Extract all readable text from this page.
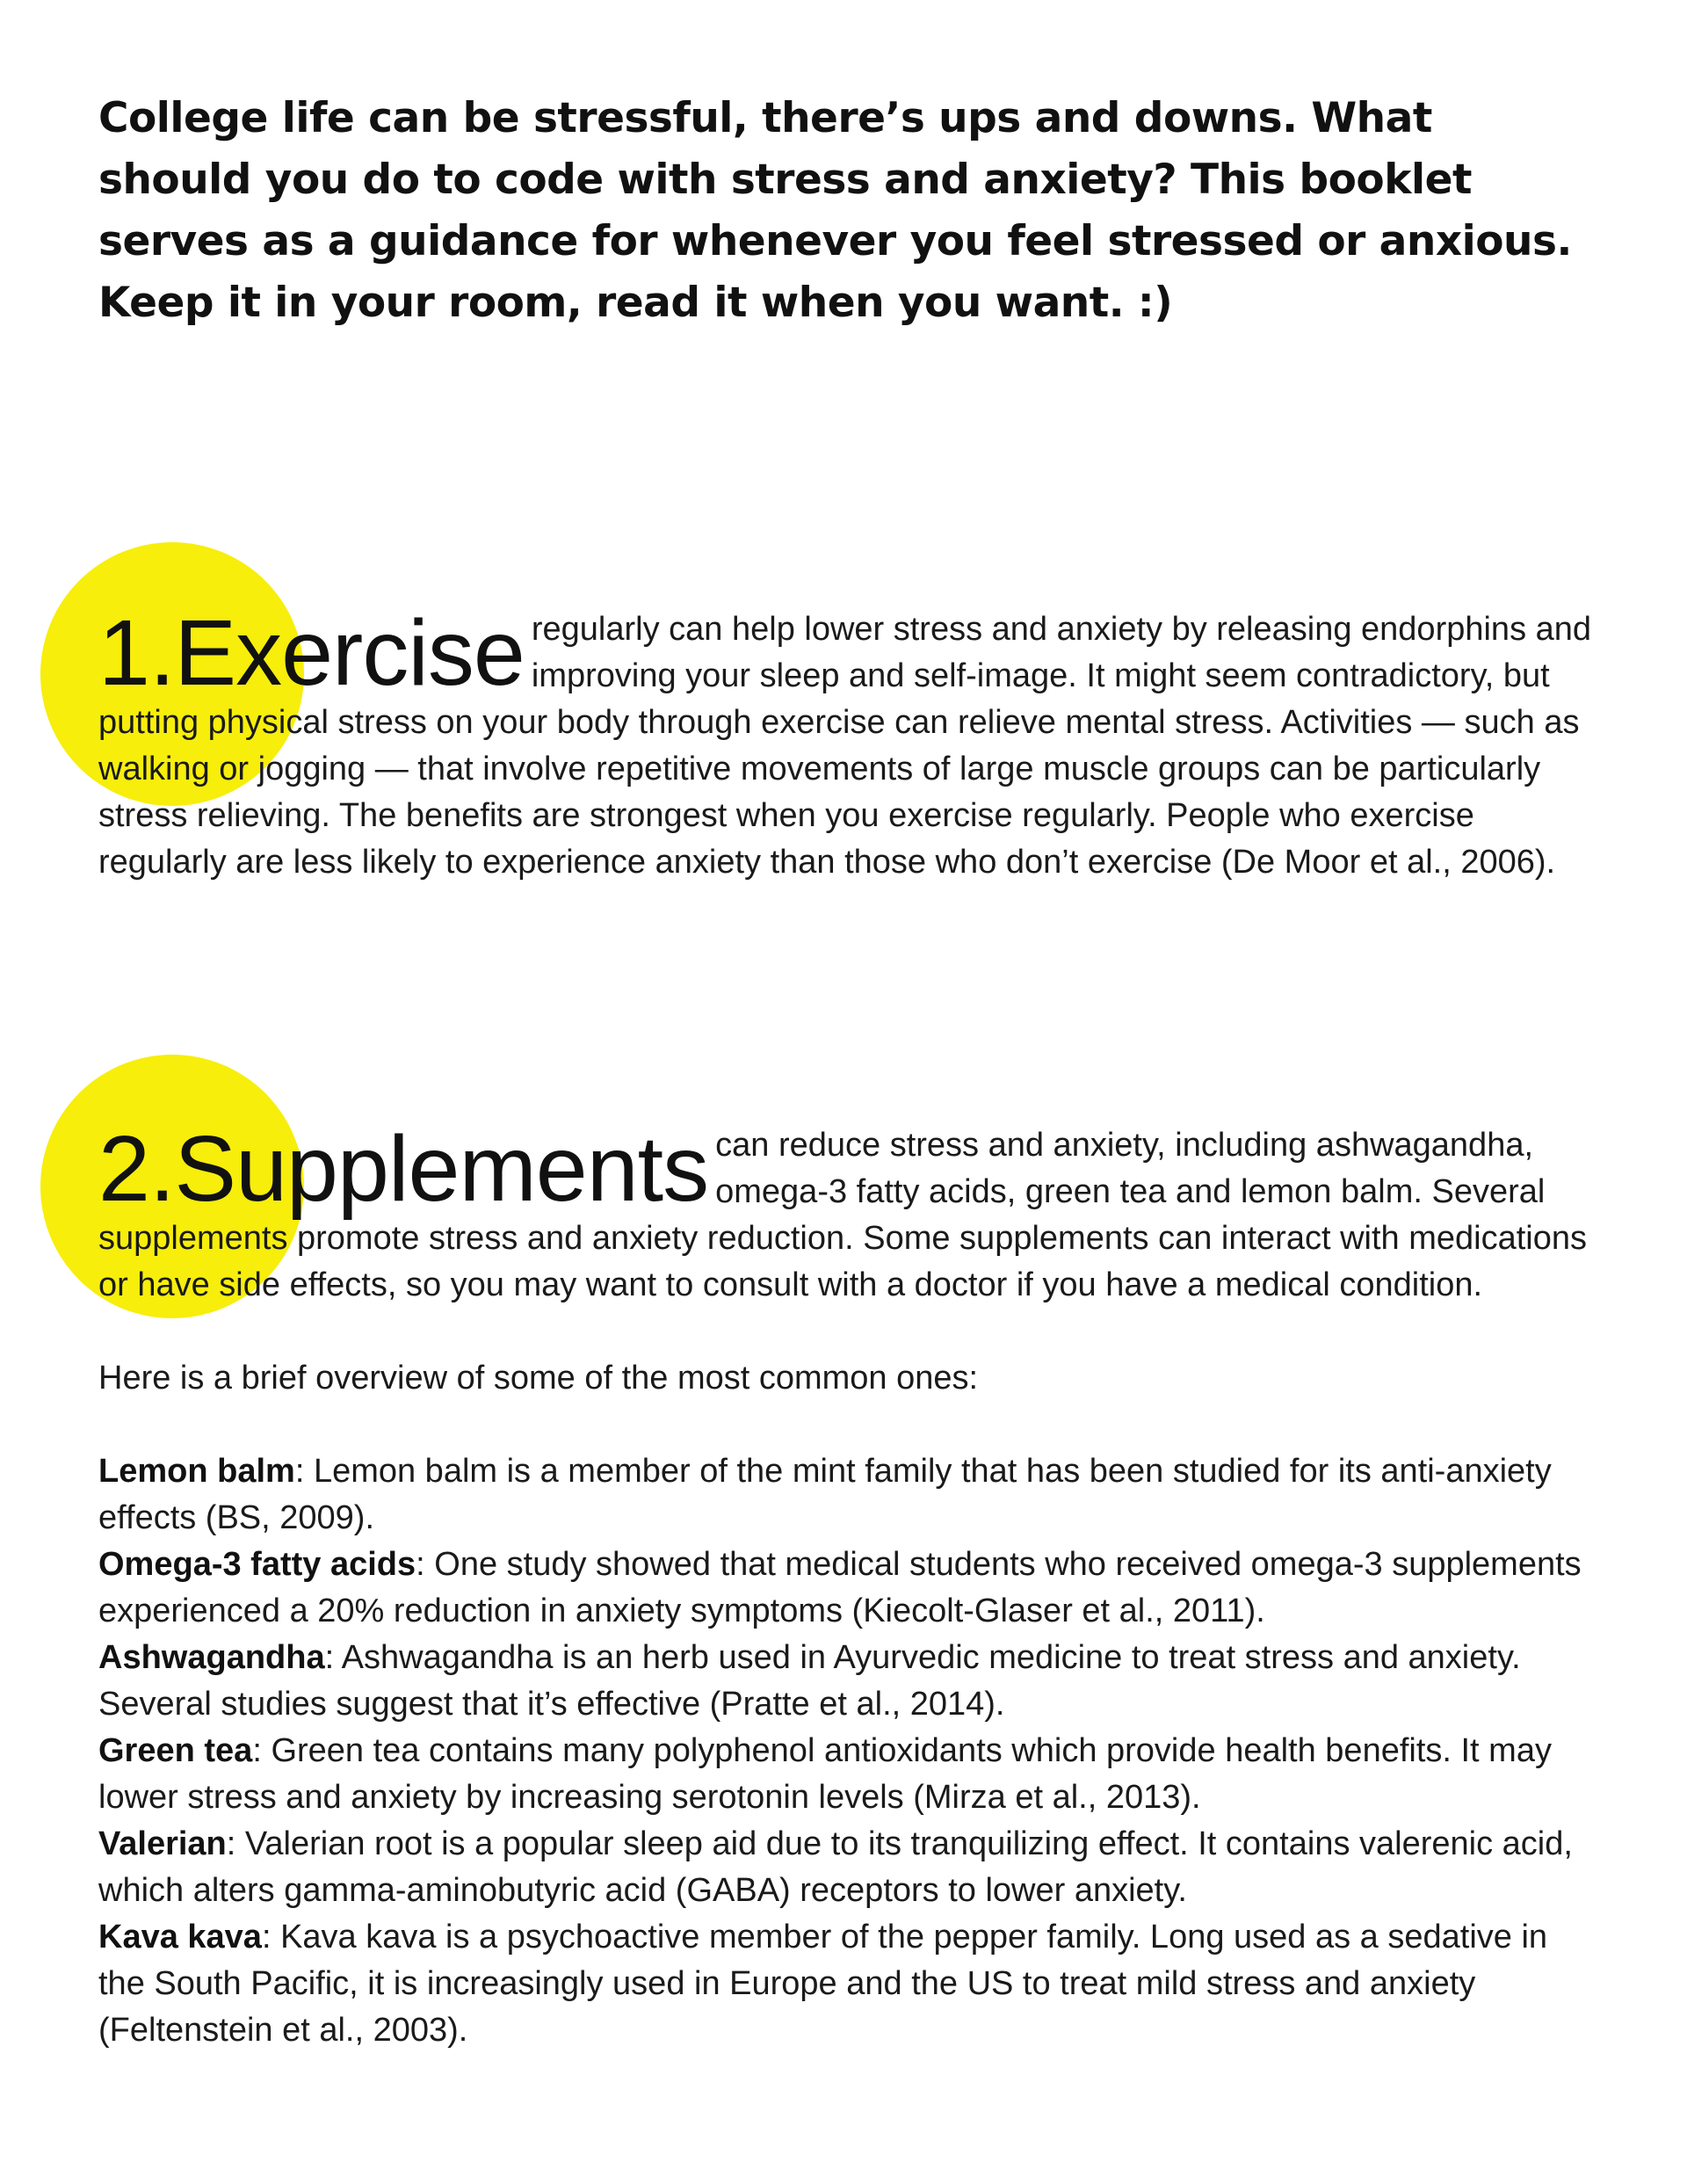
College life can be stressful, there’s ups and downs. What should you do to code with stress and anxiety? This booklet serves as a guidance for whenever you feel stressed or anxious. Keep it in your room, read it when you want. :)

1.Exercise regularly can help lower stress and anxiety by releasing endorphins and improving your sleep and self-image. It might seem contradictory, but putting physical stress on your body through exercise can relieve mental stress. Activities — such as walking or jogging — that involve repetitive movements of large muscle groups can be particularly stress relieving. The benefits are strongest when you exercise regularly. People who exercise regularly are less likely to experience anxiety than those who don’t exercise (De Moor et al., 2006).

2.Supplements can reduce stress and anxiety, including ashwagandha, omega-3 fatty acids, green tea and lemon balm. Several supplements promote stress and anxiety reduction. Some supplements can interact with medications or have side effects, so you may want to consult with a doctor if you have a medical condition.

Here is a brief overview of some of the most common ones:

Lemon balm: Lemon balm is a member of the mint family that has been studied for its anti-anxiety effects (BS, 2009).

Omega-3 fatty acids: One study showed that medical students who received omega-3 supplements experienced a 20% reduction in anxiety symptoms (Kiecolt-Glaser et al., 2011).

Ashwagandha: Ashwagandha is an herb used in Ayurvedic medicine to treat stress and anxiety. Several studies suggest that it’s effective (Pratte et al., 2014).

Green tea: Green tea contains many polyphenol antioxidants which provide health benefits. It may lower stress and anxiety by increasing serotonin levels (Mirza et al., 2013).

Valerian: Valerian root is a popular sleep aid due to its tranquilizing effect. It contains valerenic acid, which alters gamma-aminobutyric acid (GABA) receptors to lower anxiety.

Kava kava: Kava kava is a psychoactive member of the pepper family. Long used as a sedative in the South Pacific, it is increasingly used in Europe and the US to treat mild stress and anxiety (Feltenstein et al., 2003).
